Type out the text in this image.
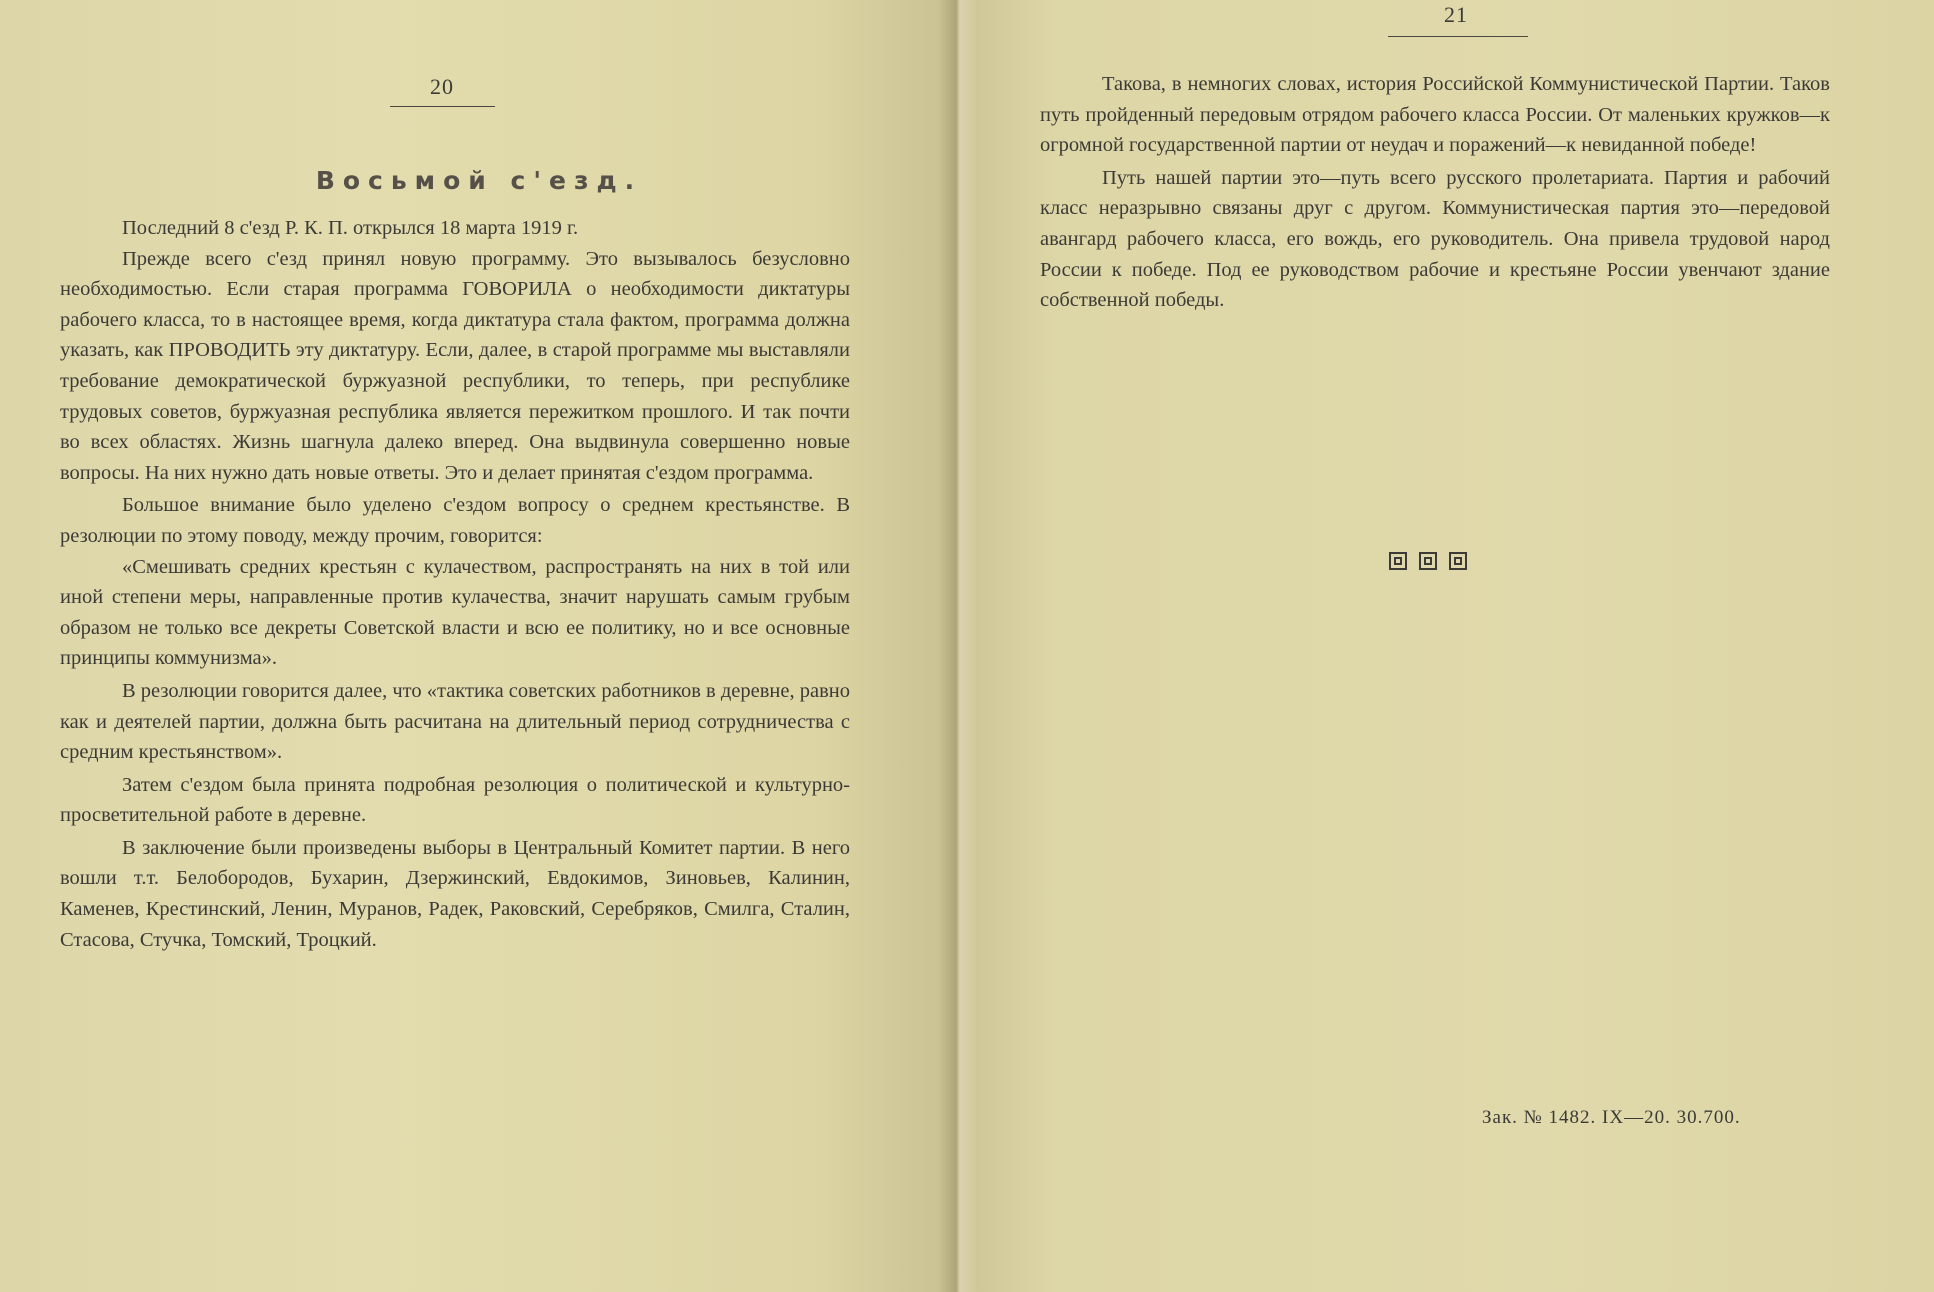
20
Восьмой с'езд.

Последний 8 с'езд Р. К. П. открылся 18 марта 1919 г.

Прежде всего с'езд принял новую программу. Это вызывалось безусловно необходимостью. Если старая программа ГОВОРИЛА о необходимости диктатуры рабочего класса, то в настоящее время, когда диктатура стала фактом, программа должна указать, как ПРОВОДИТЬ эту диктатуру. Если, далее, в старой программе мы выставляли требование демократической буржуазной республики, то теперь, при республике трудовых советов, буржуазная республика является пережитком прошлого. И так почти во всех областях. Жизнь шагнула далеко вперед. Она выдвинула совершенно новые вопросы. На них нужно дать новые ответы. Это и делает принятая с'ездом программа.

Большое внимание было уделено с'ездом вопросу о среднем крестьянстве. В резолюции по этому поводу, между прочим, говорится:

«Смешивать средних крестьян с кулачеством, распространять на них в той или иной степени меры, направленные против кулачества, значит нарушать самым грубым образом не только все декреты Советской власти и всю ее политику, но и все основные принципы коммунизма».

В резолюции говорится далее, что «тактика советских работников в деревне, равно как и деятелей партии, должна быть расчитана на длительный период сотрудничества с средним крестьянством».

Затем с'ездом была принята подробная резолюция о политической и культурно-просветительной работе в деревне.

В заключение были произведены выборы в Центральный Комитет партии. В него вошли т.т. Белобородов, Бухарин, Дзержинский, Евдокимов, Зиновьев, Калинин, Каменев, Крестинский, Ленин, Муранов, Радек, Раковский, Серебряков, Смилга, Сталин, Стасова, Стучка, Томский, Троцкий.

21

Такова, в немногих словах, история Российской Коммунистической Партии. Таков путь пройденный передовым отрядом рабочего класса России. От маленьких кружков—к огромной государственной партии от неудач и поражений—к невиданной победе!

Путь нашей партии это—путь всего русского пролетариата. Партия и рабочий класс неразрывно связаны друг с другом. Коммунистическая партия это—передовой авангард рабочего класса, его вождь, его руководитель. Она привела трудовой народ России к победе. Под ее руководством рабочие и крестьяне России увенчают здание собственной победы.

Зак. № 1482. IX—20. 30.700.
